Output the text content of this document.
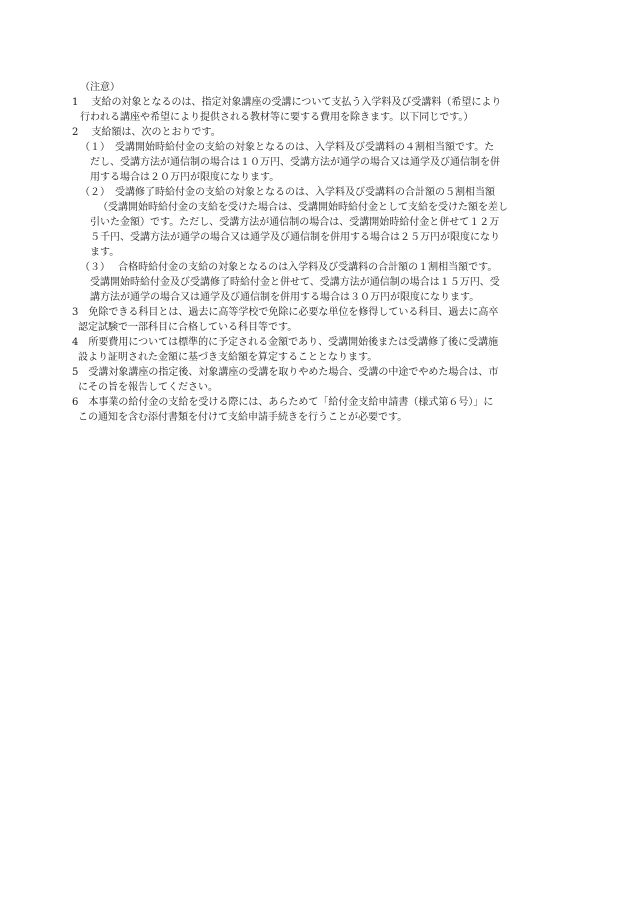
（注意）
1　 支給の対象となるのは、指定対象講座の受講について支払う入学料及び受講料（希望により
行われる講座や希望により提供される教材等に要する費用を除きます。以下同じです。）
2　 支給額は、次のとおりです。
（１）　受講開始時給付金の支給の対象となるのは、入学料及び受講料の４割相当額です。た
だし、受講方法が通信制の場合は１０万円、受講方法が通学の場合又は通学及び通信制を併
用する場合は２０万円が限度になります。
（２）　受講修了時給付金の支給の対象となるのは、入学料及び受講料の合計額の５割相当額
（受講開始時給付金の支給を受けた場合は、受講開始時給付金として支給を受けた額を差し
引いた金額）です。ただし、受講方法が通信制の場合は、受講開始時給付金と併せて１２万
５千円、受講方法が通学の場合又は通学及び通信制を併用する場合は２５万円が限度になり
ます。
（３）　 合格時給付金の支給の対象となるのは入学料及び受講料の合計額の１割相当額です。
受講開始時給付金及び受講修了時給付金と併せて、受講方法が通信制の場合は１５万円、受
講方法が通学の場合又は通学及び通信制を併用する場合は３０万円が限度になります。
3　免除できる科目とは、過去に高等学校で免除に必要な単位を修得している科目、過去に高卒
認定試験で一部科目に合格している科目等です。
4　所要費用については標準的に予定される金額であり、受講開始後または受講修了後に受講施
設より証明された金額に基づき支給額を算定することとなります。
5　受講対象講座の指定後、対象講座の受講を取りやめた場合、受講の中途でやめた場合は、市
にその旨を報告してください。
6　本事業の給付金の支給を受ける際には、あらためて「給付金支給申請書（様式第６号）」に
この通知を含む添付書類を付けて支給申請手続きを行うことが必要です。
